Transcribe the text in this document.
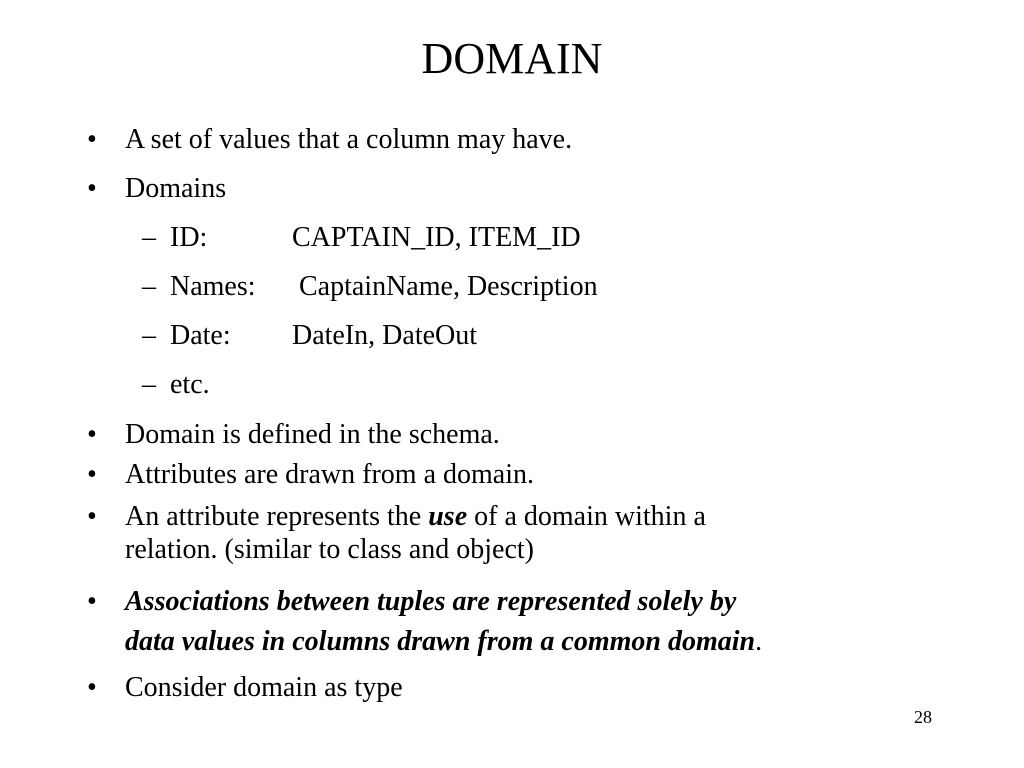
DOMAIN
• A set of values that a column may have.
• Domains
– ID:	CAPTAIN_ID, ITEM_ID
– Names: CaptainName, Description
– Date: DateIn, DateOut
– etc.
• Domain is defined in the schema.
• Attributes are drawn from a domain.
• An attribute represents the use of a domain within a
relation. (similar to class and object)
• Associations between tuples are represented solely by
data values in columns drawn from a common domain.
• Consider domain as type
28
